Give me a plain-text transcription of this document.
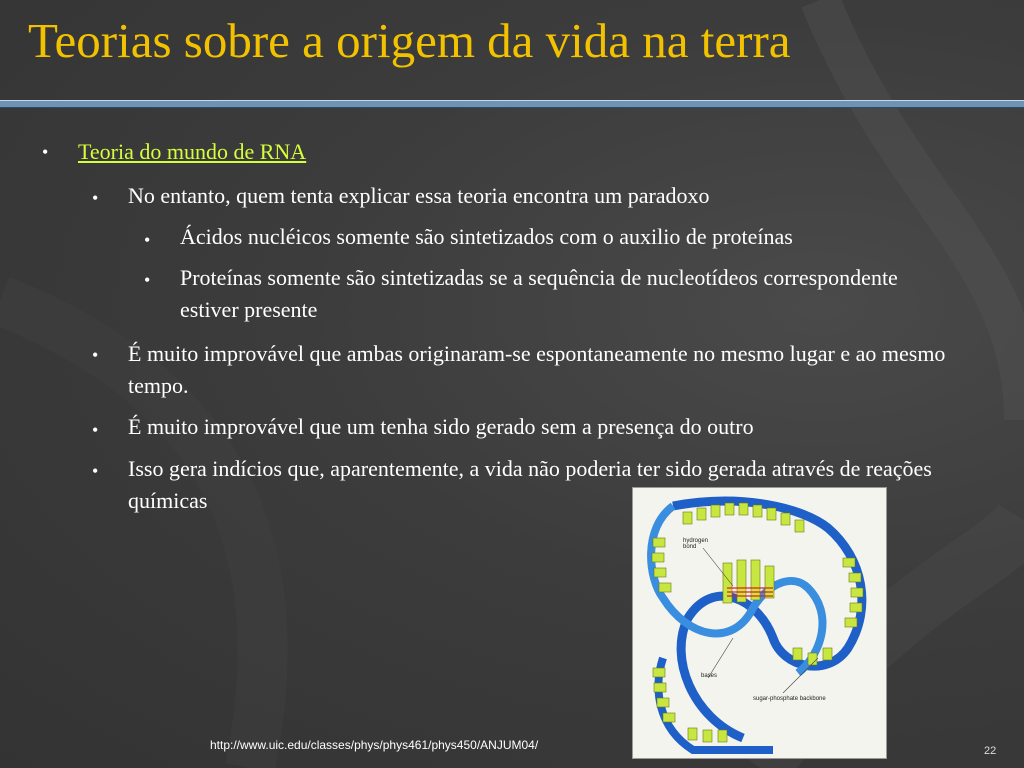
Teorias sobre a origem da vida na terra
• Teoria do mundo de RNA
• No entanto, quem tenta explicar essa teoria encontra um paradoxo
• Ácidos nucléicos somente são sintetizados com o auxilio de proteínas
• Proteínas somente são sintetizadas se a sequência de nucleotídeos correspondente estiver presente
• É muito improvável que ambas originaram-se espontaneamente no mesmo lugar e ao mesmo tempo.
• É muito improvável que um tenha sido gerado sem a presença do outro
• Isso gera indícios que, aparentemente, a vida não poderia ter sido gerada através de reações químicas
hydrogen bond
bases
sugar-phosphate backbone
http://www.uic.edu/classes/phys/phys461/phys450/ANJUM04/	22
